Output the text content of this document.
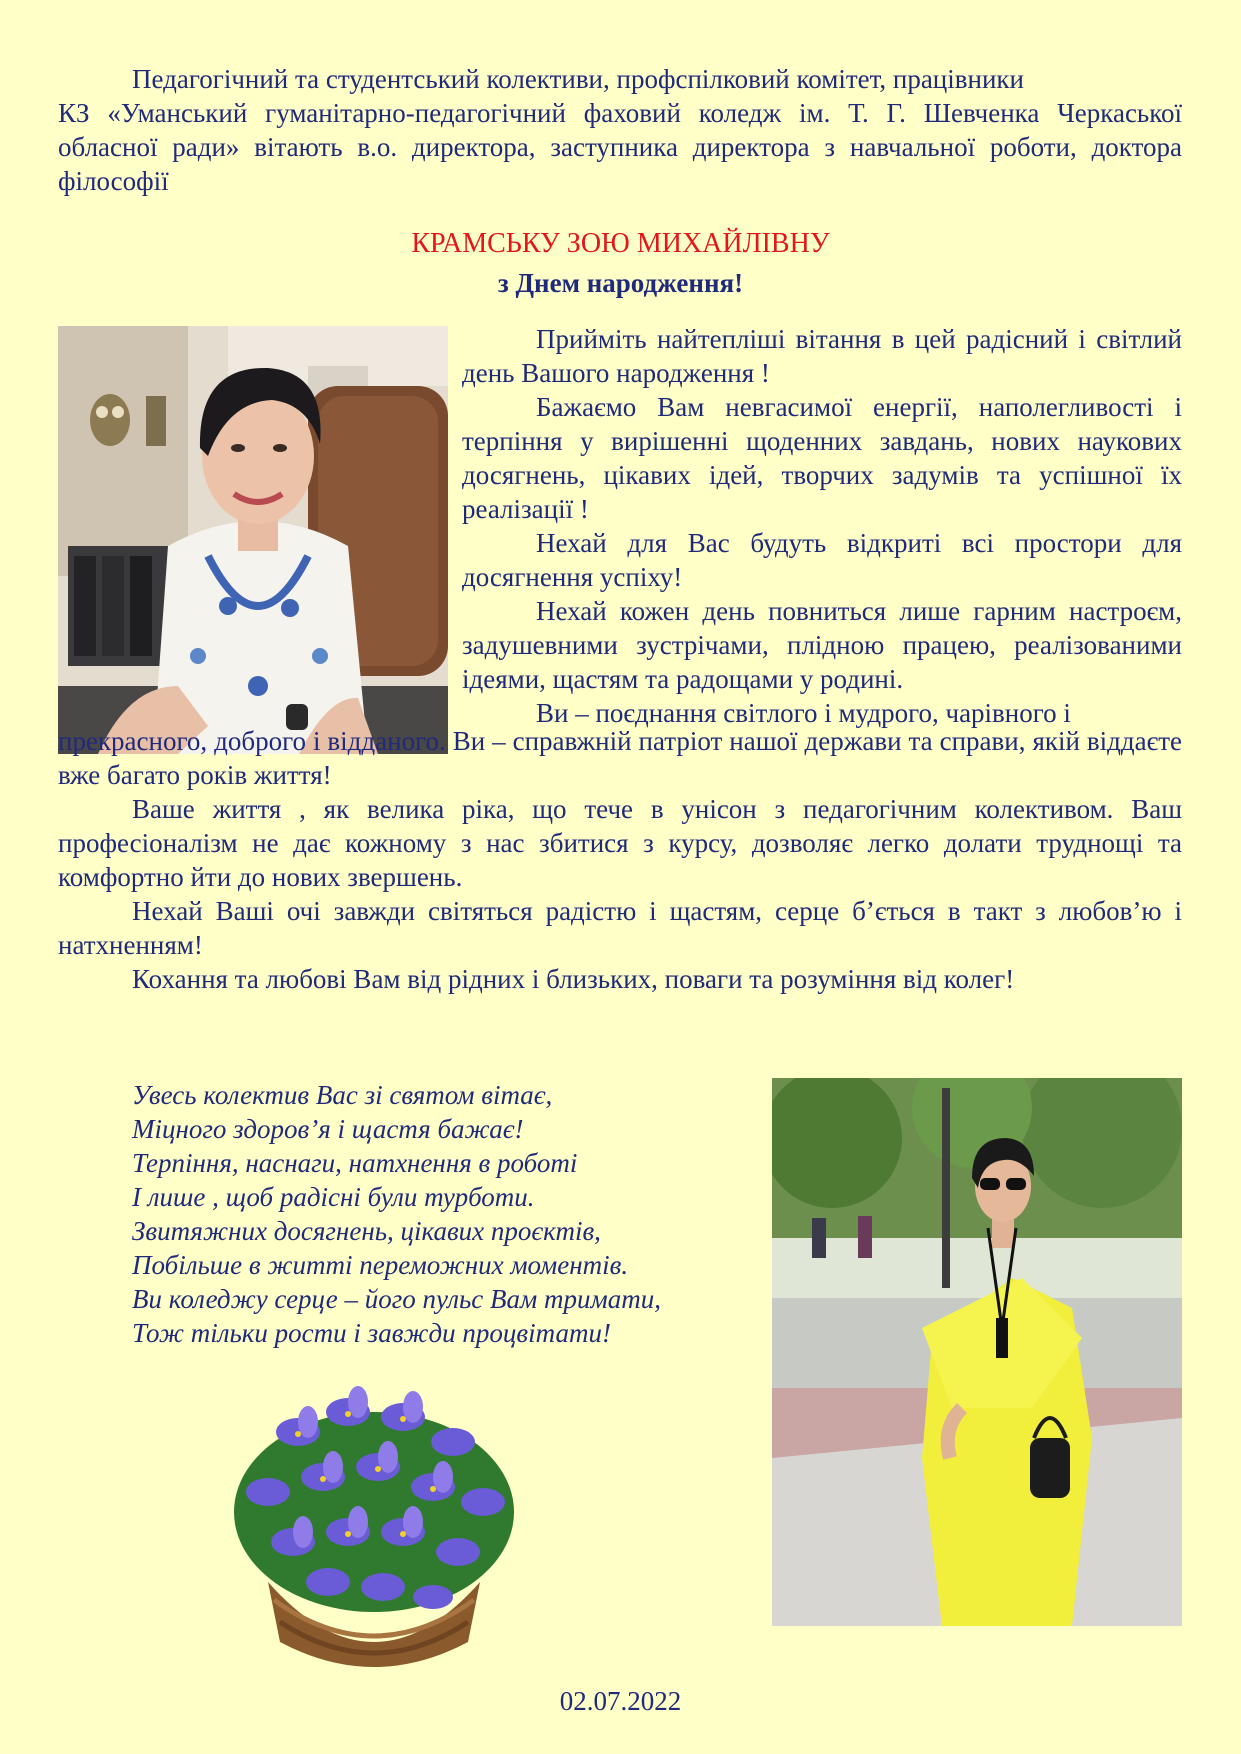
Педагогічний та студентський колективи, профспілковий комітет, працівники
КЗ «Уманський гуманітарно-педагогічний фаховий коледж ім. Т. Г. Шевченка Черкаської обласної ради» вітають в.о. директора, заступника директора з навчальної роботи, доктора філософії
КРАМСЬКУ ЗОЮ МИХАЙЛІВНУ
з Днем народження!

Прийміть найтепліші вітання в цей радісний і світлий день Вашого народження !

Бажаємо Вам невгасимої енергії, наполегливості і терпіння у вирішенні щоденних завдань, нових наукових досягнень, цікавих ідей, творчих задумів та успішної їх реалізації !

Нехай для Вас будуть відкриті всі простори для досягнення успіху!

Нехай кожен день повниться лише гарним настроєм, задушевними зустрічами, плідною працею, реалізованими ідеями, щастям та радощами у родині.

Ви – поєднання світлого і мудрого, чарівного і

прекрасного, доброго і відданого. Ви – справжній патріот нашої держави та справи, якій віддаєте вже багато років життя!

Ваше життя , як велика ріка, що тече в унісон з педагогічним колективом. Ваш професіоналізм не дає кожному з нас збитися з курсу, дозволяє легко долати труднощі та комфортно йти до нових звершень.

Нехай Ваші очі завжди світяться радістю і щастям, серце б’ється в такт з любов’ю і натхненням!

Кохання та любові Вам від рідних і близьких, поваги та розуміння від колег!

Увесь колектив Вас зі святом вітає,
Міцного здоров’я і щастя бажає!
Терпіння, наснаги, натхнення в роботі
І лише , щоб радісні були турботи.
Звитяжних досягнень, цікавих проєктів,
Побільше в житті переможних моментів.
Ви коледжу серце – його пульс Вам тримати,
Тож тільки рости і завжди процвітати!
02.07.2022
